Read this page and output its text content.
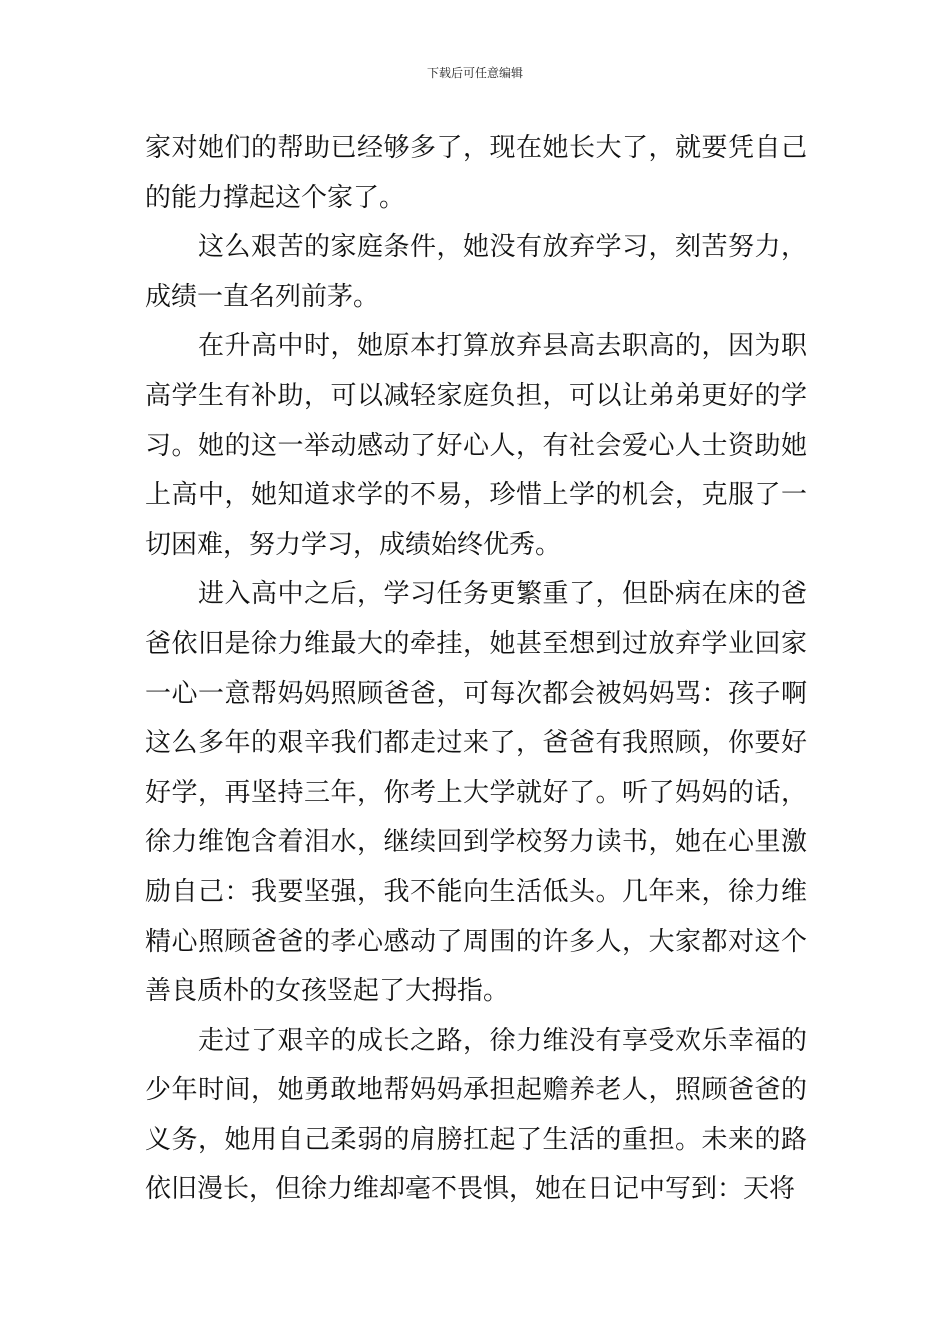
下载后可任意编辑

家对她们的帮助已经够多了，现在她长大了，就要凭自己的能力撑起这个家了。

这么艰苦的家庭条件，她没有放弃学习，刻苦努力，成绩一直名列前茅。

在升高中时，她原本打算放弃县高去职高的，因为职高学生有补助，可以减轻家庭负担，可以让弟弟更好的学习。她的这一举动感动了好心人，有社会爱心人士资助她上高中，她知道求学的不易，珍惜上学的机会，克服了一切困难，努力学习，成绩始终优秀。

进入高中之后，学习任务更繁重了，但卧病在床的爸爸依旧是徐力维最大的牵挂，她甚至想到过放弃学业回家一心一意帮妈妈照顾爸爸，可每次都会被妈妈骂：孩子啊这么多年的艰辛我们都走过来了，爸爸有我照顾，你要好好学，再坚持三年，你考上大学就好了。听了妈妈的话，徐力维饱含着泪水，继续回到学校努力读书，她在心里激励自己：我要坚强，我不能向生活低头。几年来，徐力维精心照顾爸爸的孝心感动了周围的许多人，大家都对这个善良质朴的女孩竖起了大拇指。

走过了艰辛的成长之路，徐力维没有享受欢乐幸福的少年时间，她勇敢地帮妈妈承担起赡养老人，照顾爸爸的义务，她用自己柔弱的肩膀扛起了生活的重担。未来的路依旧漫长，但徐力维却毫不畏惧，她在日记中写到：天将
